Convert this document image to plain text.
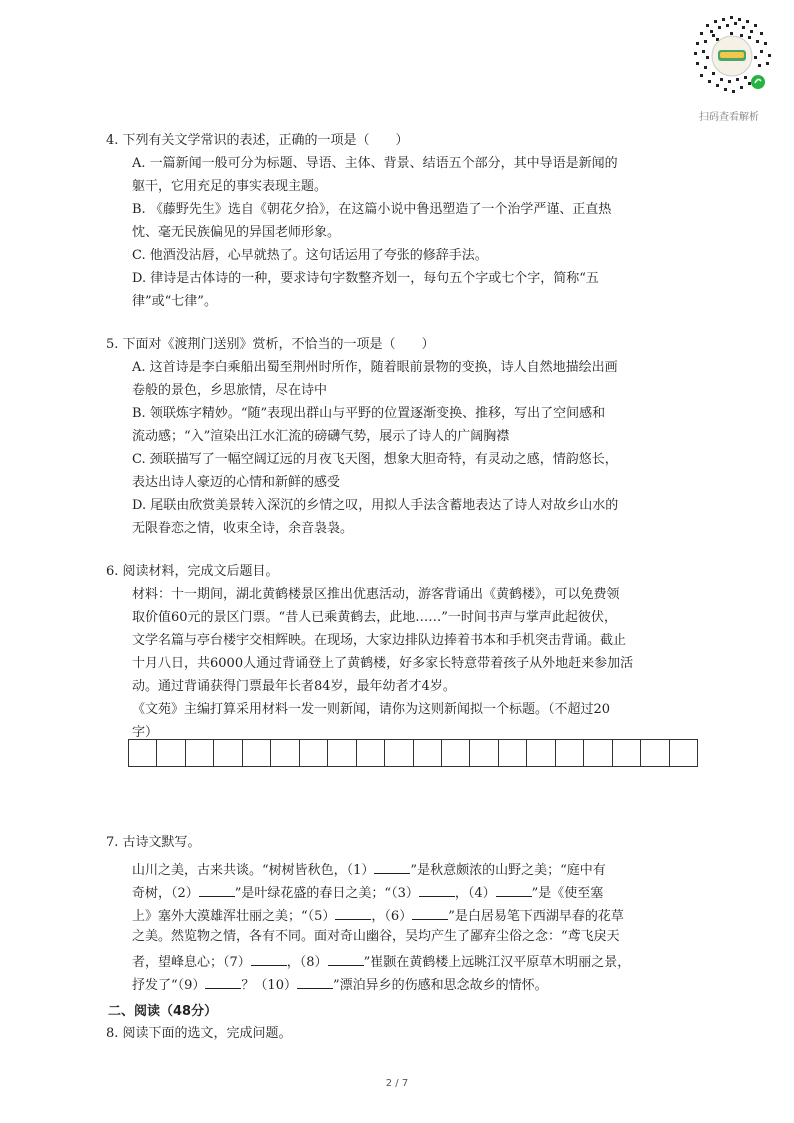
扫码查看解析
4. 下列有关文学常识的表述，正确的一项是（　　）
A. 一篇新闻一般可分为标题、导语、主体、背景、结语五个部分，其中导语是新闻的
躯干，它用充足的事实表现主题。
B. 《藤野先生》选自《朝花夕拾》，在这篇小说中鲁迅塑造了一个治学严谨、正直热
忱、毫无民族偏见的异国老师形象。
C. 他酒没沾唇，心早就热了。这句话运用了夸张的修辞手法。
D. 律诗是古体诗的一种，要求诗句字数整齐划一，每句五个字或七个字，简称“五
律”或“七律”。
5. 下面对《渡荆门送别》赏析，不恰当的一项是（　　）
A. 这首诗是李白乘船出蜀至荆州时所作，随着眼前景物的变换，诗人自然地描绘出画
卷般的景色，乡思旅情，尽在诗中
B. 领联炼字精妙。“随”表现出群山与平野的位置逐渐变换、推移，写出了空间感和
流动感；“入”渲染出江水汇流的磅礴气势，展示了诗人的广阔胸襟
C. 颈联描写了一幅空阔辽远的月夜飞天图，想象大胆奇特，有灵动之感，情韵悠长，
表达出诗人豪迈的心情和新鲜的感受
D. 尾联由欣赏美景转入深沉的乡情之叹，用拟人手法含蓄地表达了诗人对故乡山水的
无限眷恋之情，收束全诗，余音袅袅。
6. 阅读材料，完成文后题目。
材料：十一期间，湖北黄鹤楼景区推出优惠活动，游客背诵出《黄鹤楼》，可以免费领
取价值60元的景区门票。“昔人已乘黄鹤去，此地……”一时间书声与掌声此起彼伏，
文学名篇与亭台楼宇交相辉映。在现场，大家边排队边捧着书本和手机突击背诵。截止
十月八日，共6000人通过背诵登上了黄鹤楼，好多家长特意带着孩子从外地赶来参加活
动。通过背诵获得门票最年长者84岁，最年幼者才4岁。
《文苑》主编打算采用材料一发一则新闻，请你为这则新闻拟一个标题。（不超过20
字）
7. 古诗文默写。
山川之美，古来共谈。“树树皆秋色，（1）	”是秋意颇浓的山野之美；“庭中有
奇树，（2）	”是叶绿花盛的春日之美；“（3）	，（4）	”是《使至塞
上》塞外大漠雄浑壮丽之美；“（5）	，（6）	”是白居易笔下西湖早春的花草
之美。然览物之情，各有不同。面对奇山幽谷，吴均产生了鄙弃尘俗之念：“鸢飞戾天
者，望峰息心；（7）	，（8）	”崔颢在黄鹤楼上远眺江汉平原草木明丽之景，
抒发了“（9）	？（10）	”漂泊异乡的伤感和思念故乡的情怀。
二、阅读（48分）
8. 阅读下面的选文，完成问题。
2 / 7
